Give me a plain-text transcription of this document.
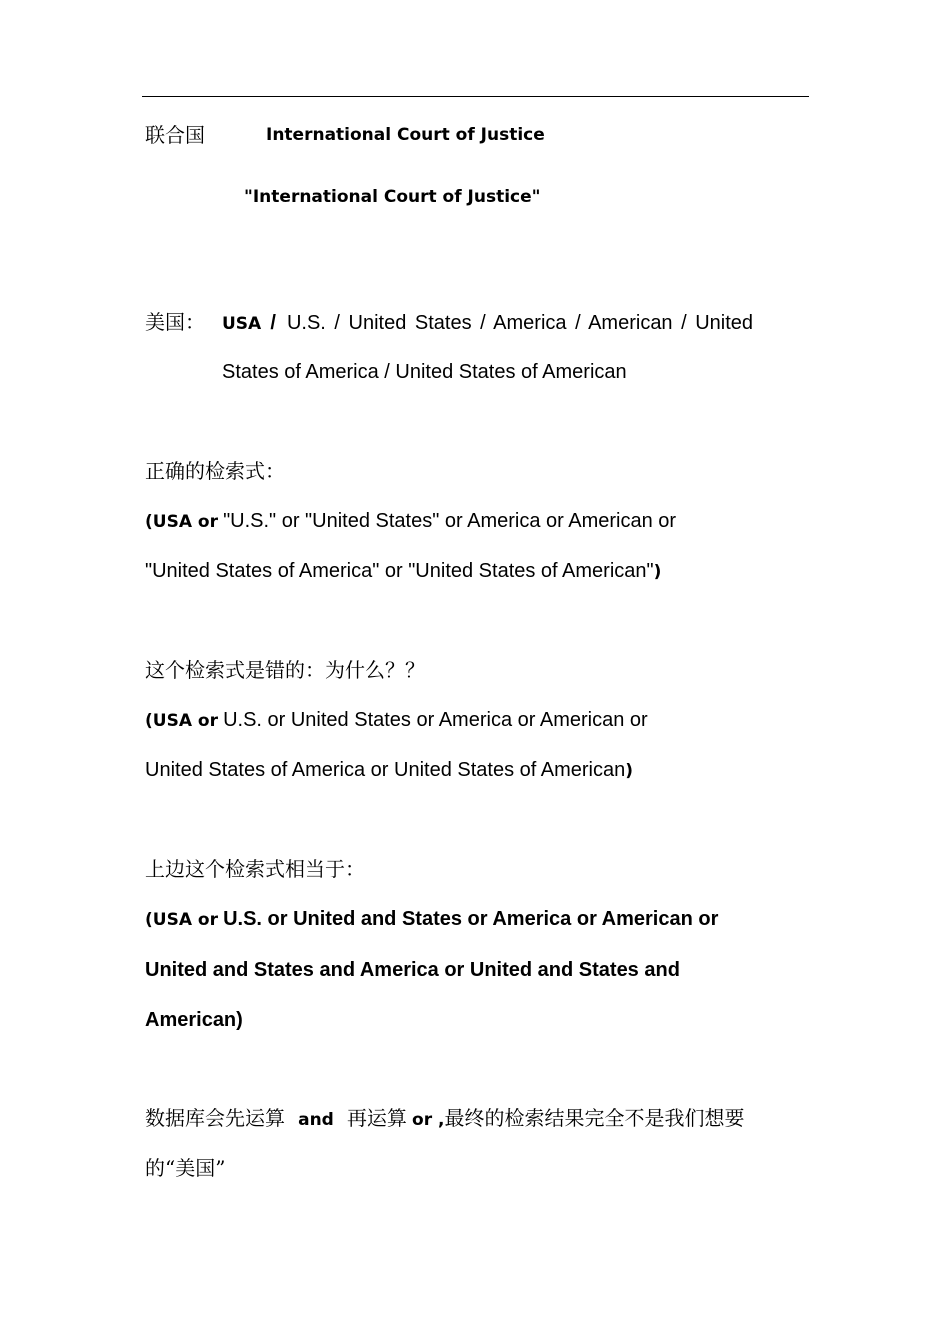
联合国	International Court of Justice
"International Court of Justice"
美国： USA / U.S. / United States / America / American / United
States of America / United States of American
正确的检索式：
(USA or "U.S." or "United States" or America or American or
"United States of America" or "United States of American")
这个检索式是错的：为什么？？
(USA or U.S. or United States or America or American or
United States of America or United States of American)
上边这个检索式相当于：
(USA or U.S. or United and States or America or American or
United and States and America or United and States and
American)
数据库会先运算 and 再运算 or ,最终的检索结果完全不是我们想要
的“美国”
